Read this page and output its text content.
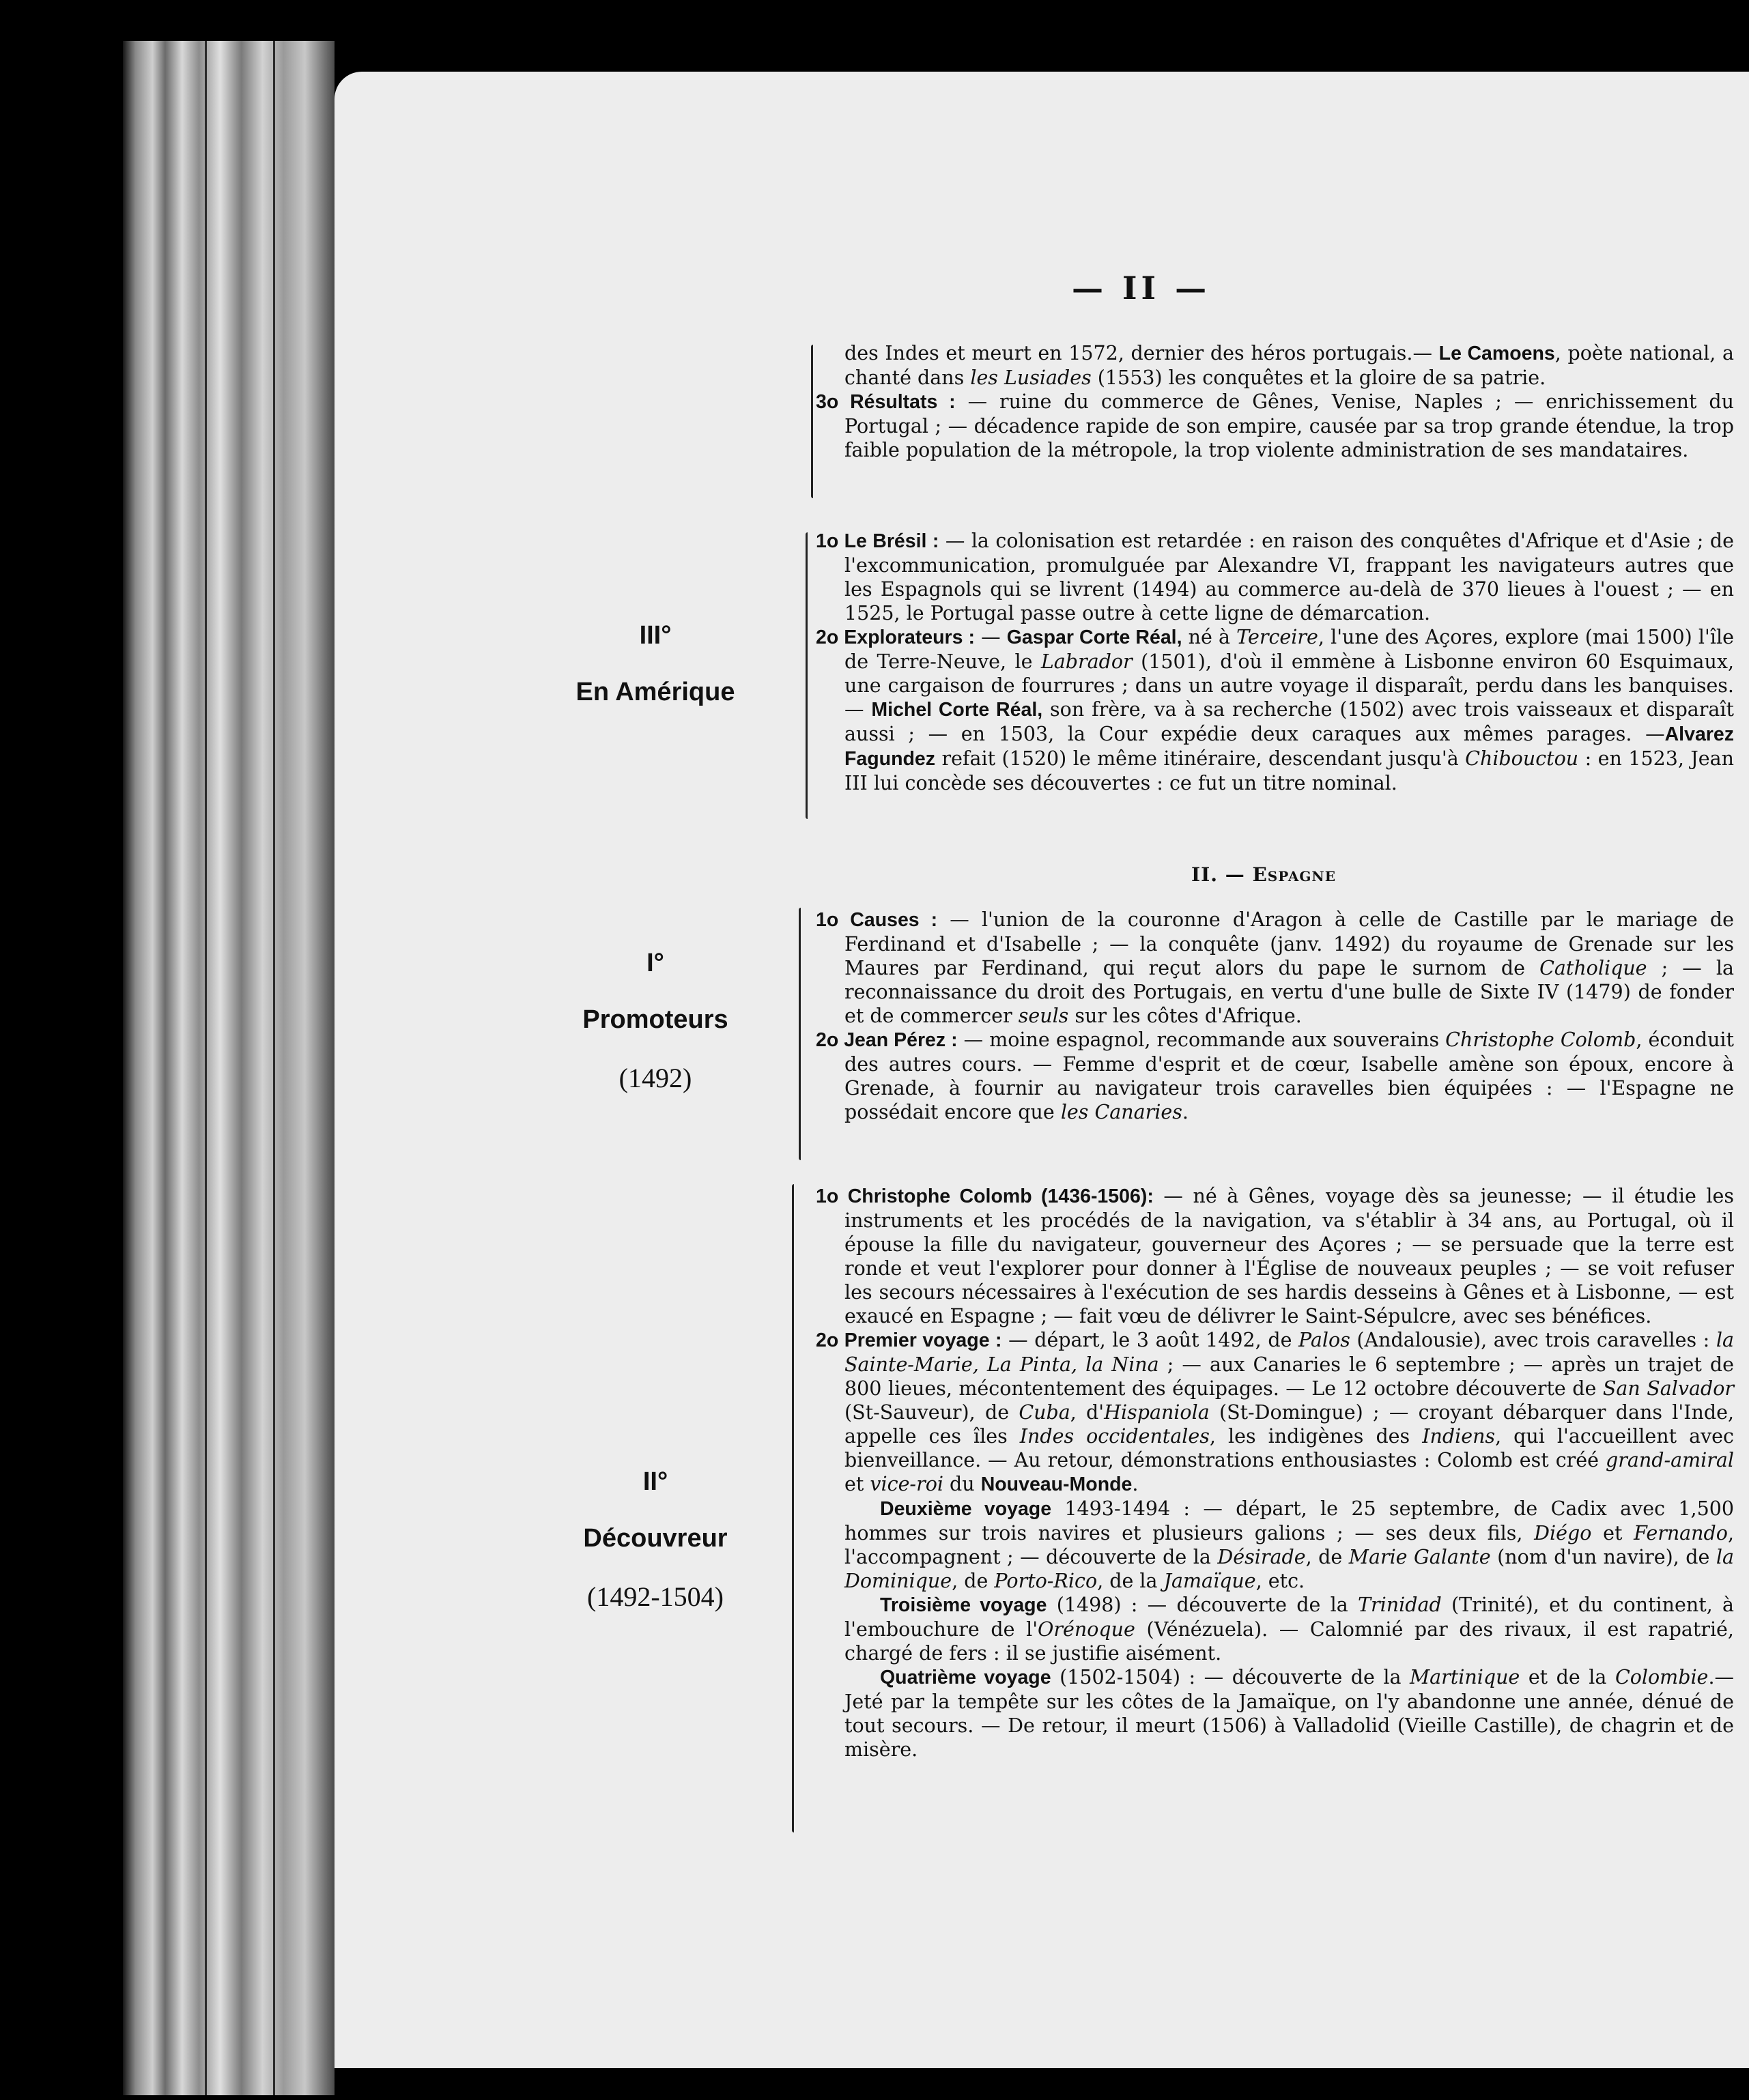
— II —

des Indes et meurt en 1572, dernier des héros portugais.— Le Camoens, poète national, a chanté dans les Lusiades (1553) les conquêtes et la gloire de sa patrie.

3o Résultats : — ruine du commerce de Gênes, Venise, Naples ; — enrichissement du Portugal ; — décadence rapide de son empire, causée par sa trop grande étendue, la trop faible population de la métropole, la trop violente administration de ses mandataires.

III°
En Amérique

1o Le Brésil : — la colonisation est retardée : en raison des conquêtes d'Afrique et d'Asie ; de l'excommunication, promulguée par Alexandre VI, frappant les navigateurs autres que les Espagnols qui se livrent (1494) au commerce au-delà de 370 lieues à l'ouest ; — en 1525, le Portugal passe outre à cette ligne de démarcation.

2o Explorateurs : — Gaspar Corte Réal, né à Terceire, l'une des Açores, explore (mai 1500) l'île de Terre-Neuve, le Labrador (1501), d'où il emmène à Lisbonne environ 60 Esquimaux, une cargaison de fourrures ; dans un autre voyage il disparaît, perdu dans les banquises. — Michel Corte Réal, son frère, va à sa recherche (1502) avec trois vaisseaux et disparaît aussi ; — en 1503, la Cour expédie deux caraques aux mêmes parages. —Alvarez Fagundez refait (1520) le même itinéraire, descendant jusqu'à Chibouctou : en 1523, Jean III lui concède ses découvertes : ce fut un titre nominal.

II. — Espagne
I°
Promoteurs
(1492)

1o Causes : — l'union de la couronne d'Aragon à celle de Castille par le mariage de Ferdinand et d'Isabelle ; — la conquête (janv. 1492) du royaume de Grenade sur les Maures par Ferdinand, qui reçut alors du pape le surnom de Catholique ; — la reconnaissance du droit des Portugais, en vertu d'une bulle de Sixte IV (1479) de fonder et de commercer seuls sur les côtes d'Afrique.

2o Jean Pérez : — moine espagnol, recommande aux souverains Christophe Colomb, éconduit des autres cours. — Femme d'esprit et de cœur, Isabelle amène son époux, encore à Grenade, à fournir au navigateur trois caravelles bien équipées : — l'Espagne ne possédait encore que les Canaries.

II°
Découvreur
(1492-1504)

1o Christophe Colomb (1436-1506): — né à Gênes, voyage dès sa jeunesse; — il étudie les instruments et les procédés de la navigation, va s'établir à 34 ans, au Portugal, où il épouse la fille du navigateur, gouverneur des Açores ; — se persuade que la terre est ronde et veut l'explorer pour donner à l'Église de nouveaux peuples ; — se voit refuser les secours nécessaires à l'exécution de ses hardis desseins à Gênes et à Lisbonne, — est exaucé en Espagne ; — fait vœu de délivrer le Saint-Sépulcre, avec ses bénéfices.

2o Premier voyage : — départ, le 3 août 1492, de Palos (Andalousie), avec trois caravelles : la Sainte-Marie, La Pinta, la Nina ; — aux Canaries le 6 septembre ; — après un trajet de 800 lieues, mécontentement des équipages. — Le 12 octobre découverte de San Salvador (St-Sauveur), de Cuba, d'Hispaniola (St-Domingue) ; — croyant débarquer dans l'Inde, appelle ces îles Indes occidentales, les indigènes des Indiens, qui l'accueillent avec bienveillance. — Au retour, démonstrations enthousiastes : Colomb est créé grand-amiral et vice-roi du Nouveau-Monde.

Deuxième voyage 1493-1494 : — départ, le 25 septembre, de Cadix avec 1,500 hommes sur trois navires et plusieurs galions ; — ses deux fils, Diégo et Fernando, l'accompagnent ; — découverte de la Désirade, de Marie Galante (nom d'un navire), de la Dominique, de Porto-Rico, de la Jamaïque, etc.

Troisième voyage (1498) : — découverte de la Trinidad (Trinité), et du continent, à l'embouchure de l'Orénoque (Vénézuela). — Calomnié par des rivaux, il est rapatrié, chargé de fers : il se justifie aisément.

Quatrième voyage (1502-1504) : — découverte de la Martinique et de la Colombie.— Jeté par la tempête sur les côtes de la Jamaïque, on l'y abandonne une année, dénué de tout secours. — De retour, il meurt (1506) à Valladolid (Vieille Castille), de chagrin et de misère.
